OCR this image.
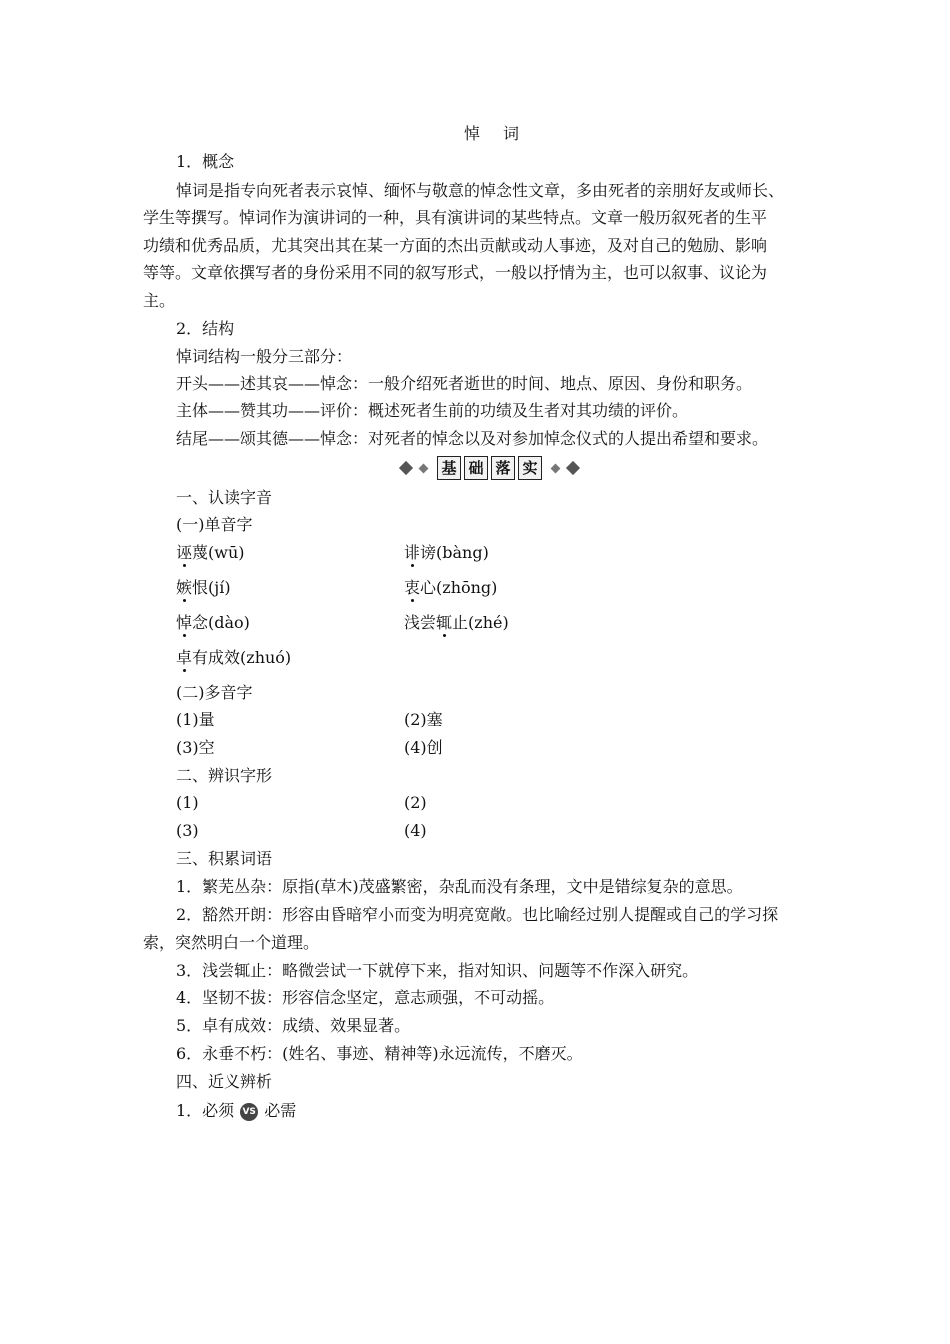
悼 词
1．概念
悼词是指专向死者表示哀悼、缅怀与敬意的悼念性文章，多由死者的亲朋好友或师长、
学生等撰写。悼词作为演讲词的一种，具有演讲词的某些特点。文章一般历叙死者的生平
功绩和优秀品质，尤其突出其在某一方面的杰出贡献或动人事迹，及对自己的勉励、影响
等等。文章依撰写者的身份采用不同的叙写形式，一般以抒情为主，也可以叙事、议论为
主。
2．结构
悼词结构一般分三部分：
开头——述其哀——悼念：一般介绍死者逝世的时间、地点、原因、身份和职务。
主体——赞其功——评价：概述死者生前的功绩及生者对其功绩的评价。
结尾——颂其德——悼念：对死者的悼念以及对参加悼念仪式的人提出希望和要求。
基 础 落 实
一、认读字音
(一)单音字
诬蔑(wū)	诽谤(bàng)
嫉恨(jí)	衷心(zhōng)
悼念(dào)	浅尝辄止(zhé)
卓有成效(zhuó)
(二)多音字
(1)量	(2)塞
(3)空	(4)创
二、辨识字形
(1)	(2)
(3)	(4)
三、积累词语
1．繁芜丛杂：原指(草木)茂盛繁密，杂乱而没有条理，文中是错综复杂的意思。
2．豁然开朗：形容由昏暗窄小而变为明亮宽敞。也比喻经过别人提醒或自己的学习探
索，突然明白一个道理。
3．浅尝辄止：略微尝试一下就停下来，指对知识、问题等不作深入研究。
4．坚韧不拔：形容信念坚定，意志顽强，不可动摇。
5．卓有成效：成绩、效果显著。
6．永垂不朽：(姓名、事迹、精神等)永远流传，不磨灭。
四、近义辨析
1．必须 VS 必需
